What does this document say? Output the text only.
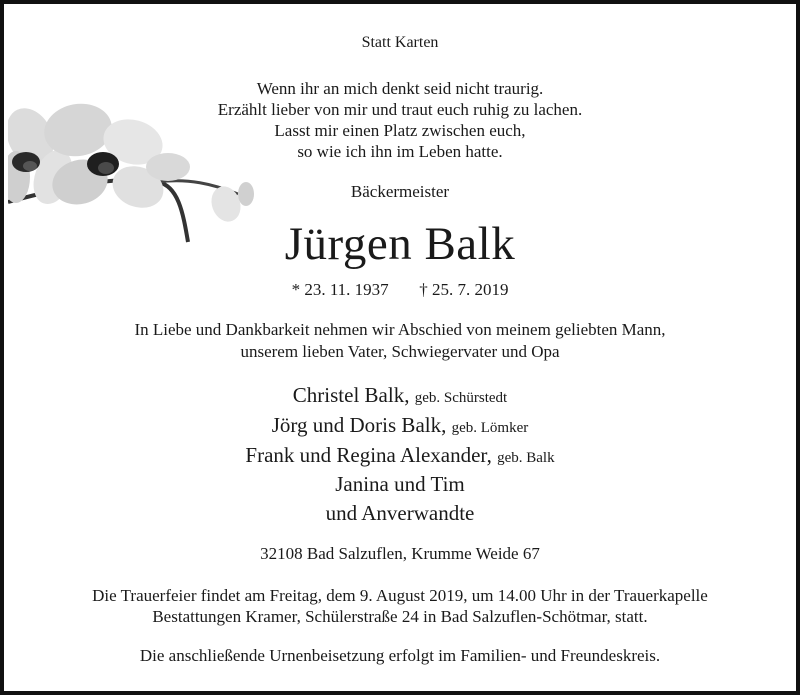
Statt Karten
Wenn ihr an mich denkt seid nicht traurig.
Erzählt lieber von mir und traut euch ruhig zu lachen.
Lasst mir einen Platz zwischen euch,
so wie ich ihn im Leben hatte.
Bäckermeister
Jürgen Balk
* 23. 11. 1937 † 25. 7. 2019
In Liebe und Dankbarkeit nehmen wir Abschied von meinem geliebten Mann,
unserem lieben Vater, Schwiegervater und Opa
Christel Balk, geb. Schürstedt
Jörg und Doris Balk, geb. Lömker
Frank und Regina Alexander, geb. Balk
Janina und Tim
und Anverwandte
32108 Bad Salzuflen, Krumme Weide 67
Die Trauerfeier findet am Freitag, dem 9. August 2019, um 14.00 Uhr in der Trauerkapelle
Bestattungen Kramer, Schülerstraße 24 in Bad Salzuflen-Schötmar, statt.
Die anschließende Urnenbeisetzung erfolgt im Familien- und Freundeskreis.
